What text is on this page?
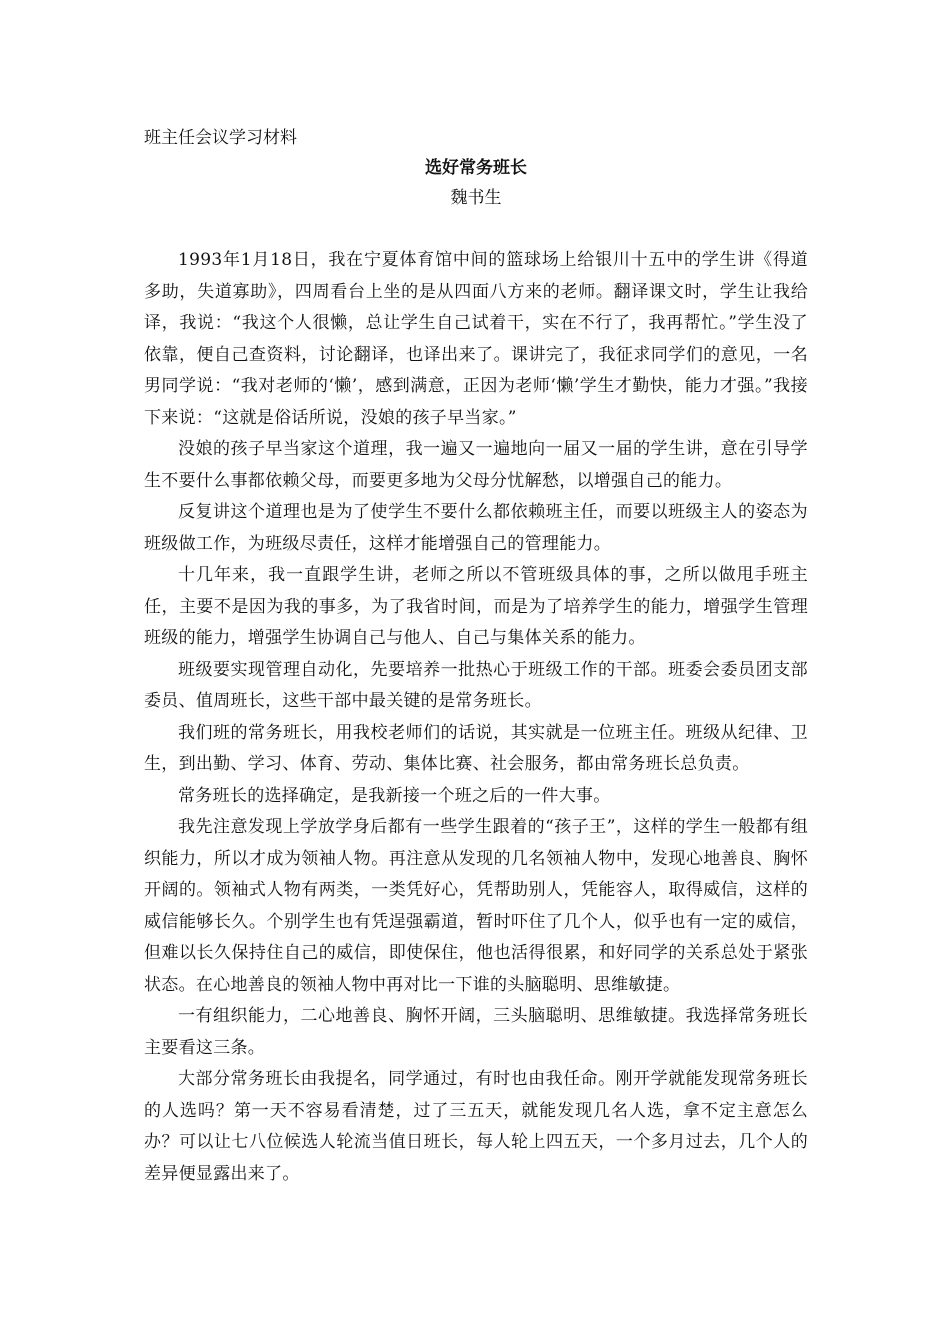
班主任会议学习材料

选好常务班长

魏书生

1993年1月18日，我在宁夏体育馆中间的篮球场上给银川十五中的学生讲《得道多助，失道寡助》，四周看台上坐的是从四面八方来的老师。翻译课文时，学生让我给译，我说：“我这个人很懒，总让学生自己试着干，实在不行了，我再帮忙。”学生没了依靠，便自己查资料，讨论翻译，也译出来了。课讲完了，我征求同学们的意见，一名男同学说：“我对老师的‘懒’，感到满意，正因为老师‘懒’学生才勤快，能力才强。”我接下来说：“这就是俗话所说，没娘的孩子早当家。”

没娘的孩子早当家这个道理，我一遍又一遍地向一届又一届的学生讲，意在引导学生不要什么事都依赖父母，而要更多地为父母分忧解愁，以增强自己的能力。

反复讲这个道理也是为了使学生不要什么都依赖班主任，而要以班级主人的姿态为班级做工作，为班级尽责任，这样才能增强自己的管理能力。

十几年来，我一直跟学生讲，老师之所以不管班级具体的事，之所以做甩手班主任，主要不是因为我的事多，为了我省时间，而是为了培养学生的能力，增强学生管理班级的能力，增强学生协调自己与他人、自己与集体关系的能力。

班级要实现管理自动化，先要培养一批热心于班级工作的干部。班委会委员团支部委员、值周班长，这些干部中最关键的是常务班长。

我们班的常务班长，用我校老师们的话说，其实就是一位班主任。班级从纪律、卫生，到出勤、学习、体育、劳动、集体比赛、社会服务，都由常务班长总负责。

常务班长的选择确定，是我新接一个班之后的一件大事。

我先注意发现上学放学身后都有一些学生跟着的“孩子王”，这样的学生一般都有组织能力，所以才成为领袖人物。再注意从发现的几名领袖人物中，发现心地善良、胸怀开阔的。领袖式人物有两类，一类凭好心，凭帮助别人，凭能容人，取得威信，这样的威信能够长久。个别学生也有凭逞强霸道，暂时吓住了几个人，似乎也有一定的威信，但难以长久保持住自己的威信，即使保住，他也活得很累，和好同学的关系总处于紧张状态。在心地善良的领袖人物中再对比一下谁的头脑聪明、思维敏捷。

一有组织能力，二心地善良、胸怀开阔，三头脑聪明、思维敏捷。我选择常务班长主要看这三条。

大部分常务班长由我提名，同学通过，有时也由我任命。刚开学就能发现常务班长的人选吗？第一天不容易看清楚，过了三五天，就能发现几名人选，拿不定主意怎么办？可以让七八位候选人轮流当值日班长，每人轮上四五天，一个多月过去，几个人的差异便显露出来了。
